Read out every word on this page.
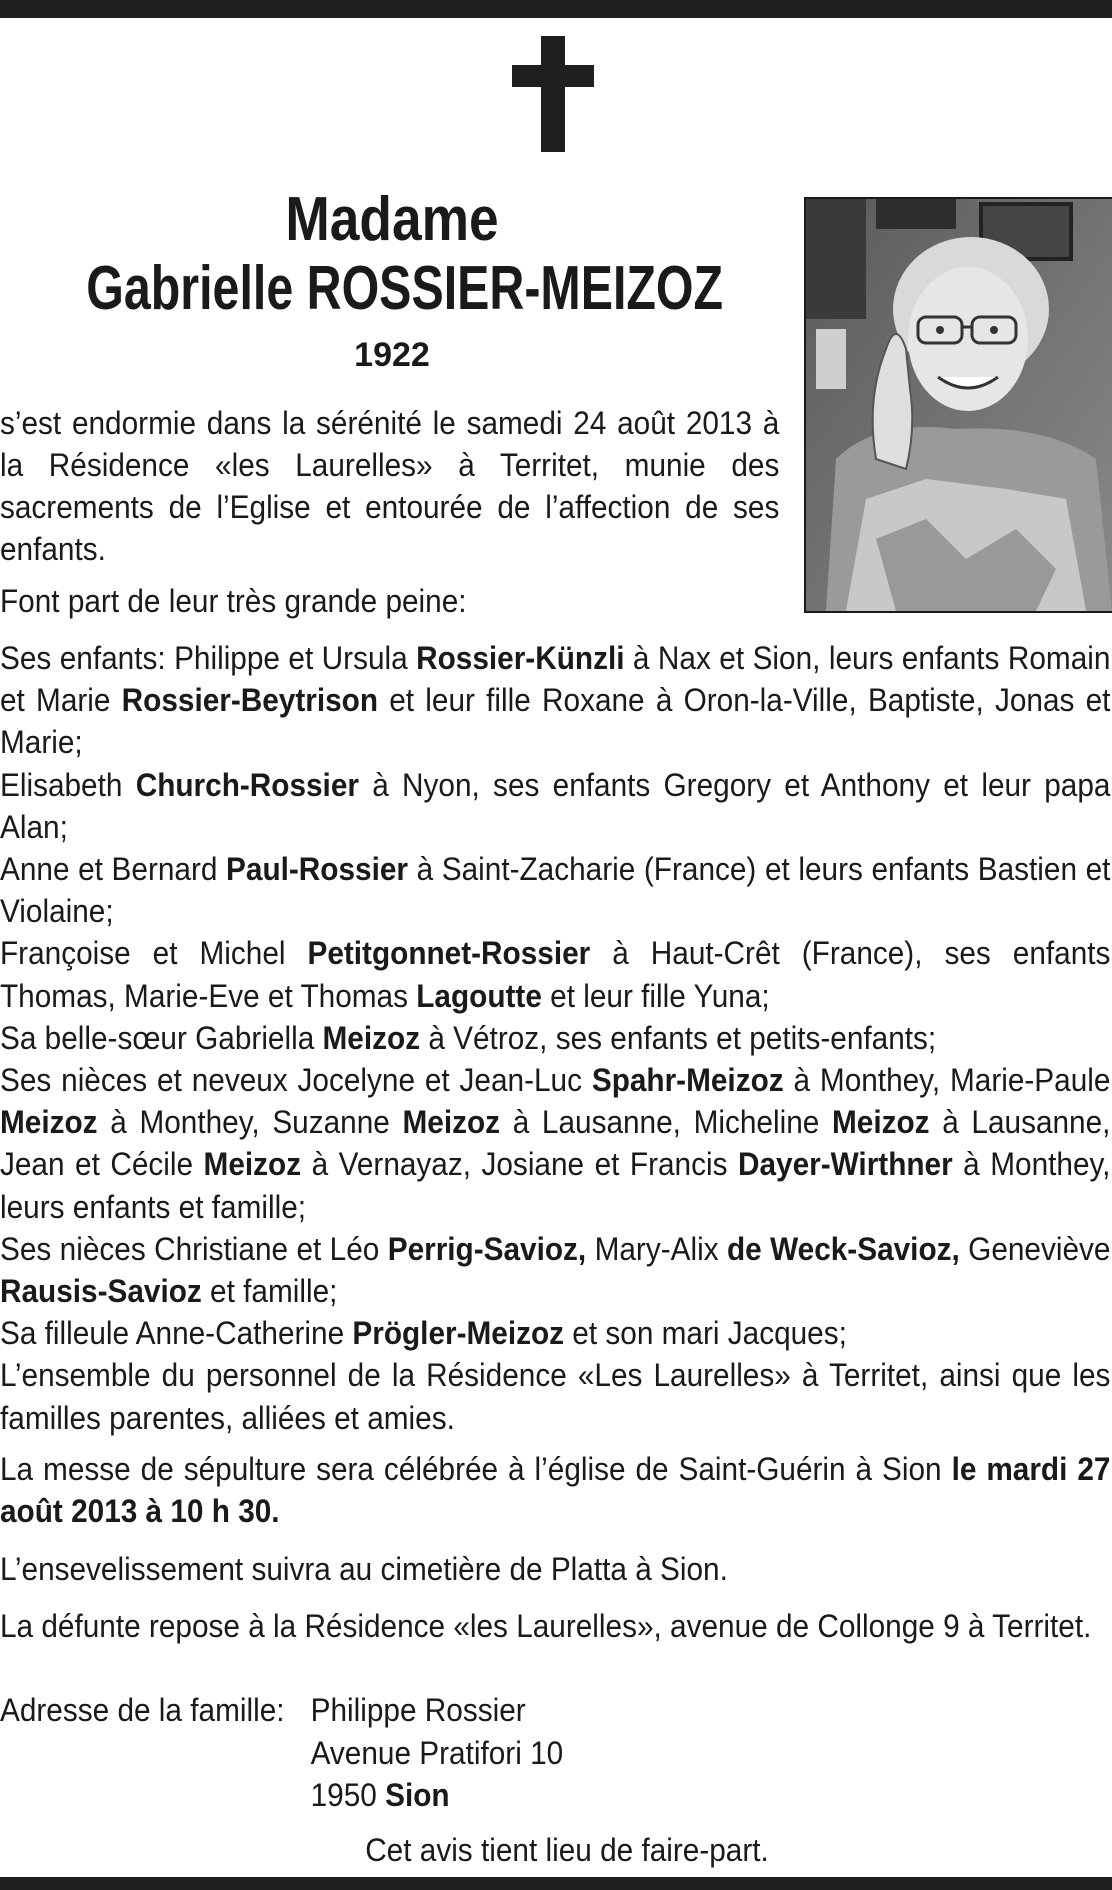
Madame
Gabrielle ROSSIER-MEIZOZ
1922
s’est endormie dans la sérénité le samedi 24 août 2013 à la Résidence «les Laurelles» à Territet, munie des sacrements de l’Eglise et entourée de l’affection de ses enfants.

Font part de leur très grande peine:

Ses enfants: Philippe et Ursula Rossier-Künzli à Nax et Sion, leurs enfants Romain et Marie Rossier-Beytrison et leur fille Roxane à Oron-la-Ville, Baptiste, Jonas et Marie;

Elisabeth Church-Rossier à Nyon, ses enfants Gregory et Anthony et leur papa Alan;

Anne et Bernard Paul-Rossier à Saint-Zacharie (France) et leurs enfants Bastien et Violaine;

Françoise et Michel Petitgonnet-Rossier à Haut-Crêt (France), ses enfants Thomas, Marie-Eve et Thomas Lagoutte et leur fille Yuna;

Sa belle-sœur Gabriella Meizoz à Vétroz, ses enfants et petits-enfants;

Ses nièces et neveux Jocelyne et Jean-Luc Spahr-Meizoz à Monthey, Marie-Paule Meizoz à Monthey, Suzanne Meizoz à Lausanne, Micheline Meizoz à Lausanne, Jean et Cécile Meizoz à Vernayaz, Josiane et Francis Dayer-Wirthner à Monthey, leurs enfants et famille;

Ses nièces Christiane et Léo Perrig-Savioz, Mary-Alix de Weck-Savioz, Geneviève Rausis-Savioz et famille;

Sa filleule Anne-Catherine Prögler-Meizoz et son mari Jacques;

L’ensemble du personnel de la Résidence «Les Laurelles» à Territet, ainsi que les familles parentes, alliées et amies.

La messe de sépulture sera célébrée à l’église de Saint-Guérin à Sion le mardi 27 août 2013 à 10 h 30.

L’ensevelissement suivra au cimetière de Platta à Sion.

La défunte repose à la Résidence «les Laurelles», avenue de Collonge 9 à Territet.

Adresse de la famille: Philippe Rossier
Avenue Pratifori 10
1950 Sion
Cet avis tient lieu de faire-part.
